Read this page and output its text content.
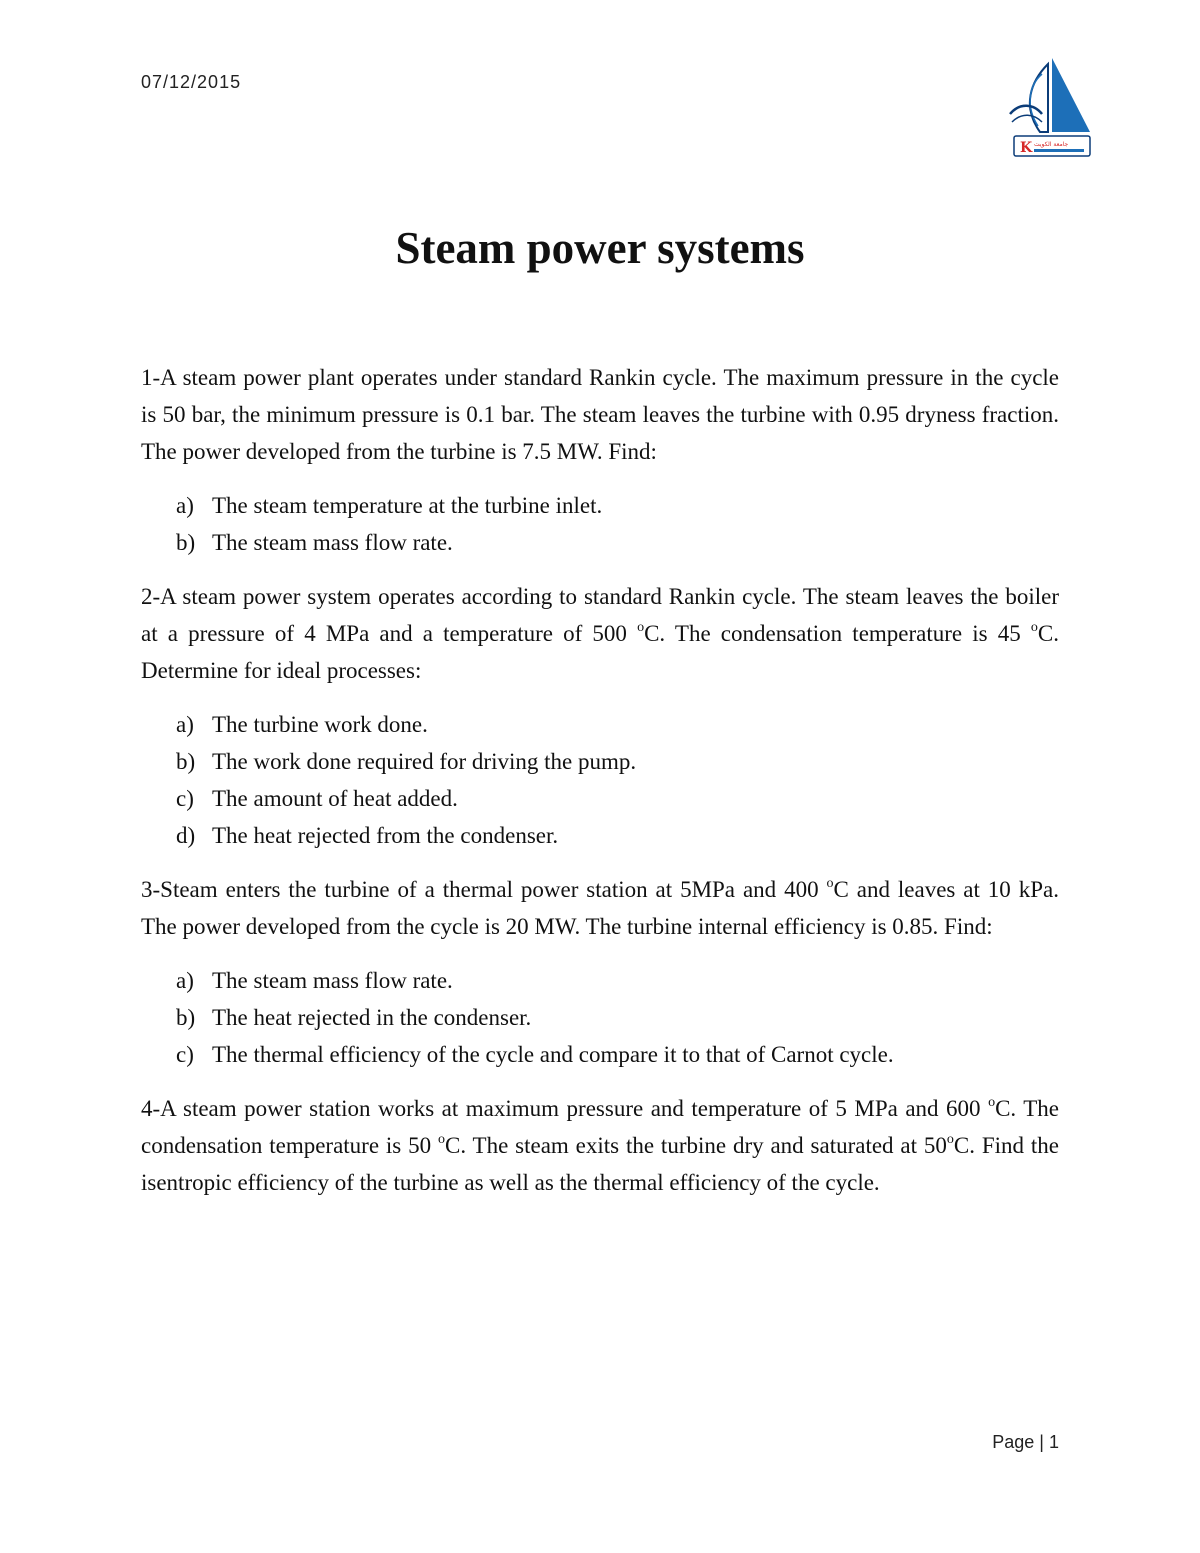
07/12/2015
K جامعة الكويت
Steam power systems

1-A steam power plant operates under standard Rankin cycle. The maximum pressure in the cycle is 50 bar, the minimum pressure is 0.1 bar. The steam leaves the turbine with 0.95 dryness fraction. The power developed from the turbine is 7.5 MW. Find:

a) The steam temperature at the turbine inlet.
b) The steam mass flow rate.

2-A steam power system operates according to standard Rankin cycle. The steam leaves the boiler at a pressure of 4 MPa and a temperature of 500 $^o$C. The condensation temperature is 45 $^o$C. Determine for ideal processes:

a) The turbine work done.
b) The work done required for driving the pump.
c) The amount of heat added.
d) The heat rejected from the condenser.

3-Steam enters the turbine of a thermal power station at 5MPa and 400 $^o$C and leaves at 10 kPa. The power developed from the cycle is 20 MW. The turbine internal efficiency is 0.85. Find:

a) The steam mass flow rate.
b) The heat rejected in the condenser.
c) The thermal efficiency of the cycle and compare it to that of Carnot cycle.

4-A steam power station works at maximum pressure and temperature of 5 MPa and 600 $^o$C. The condensation temperature is 50 $^o$C. The steam exits the turbine dry and saturated at 50$^o$C. Find the isentropic efficiency of the turbine as well as the thermal efficiency of the cycle.

Page | 1
